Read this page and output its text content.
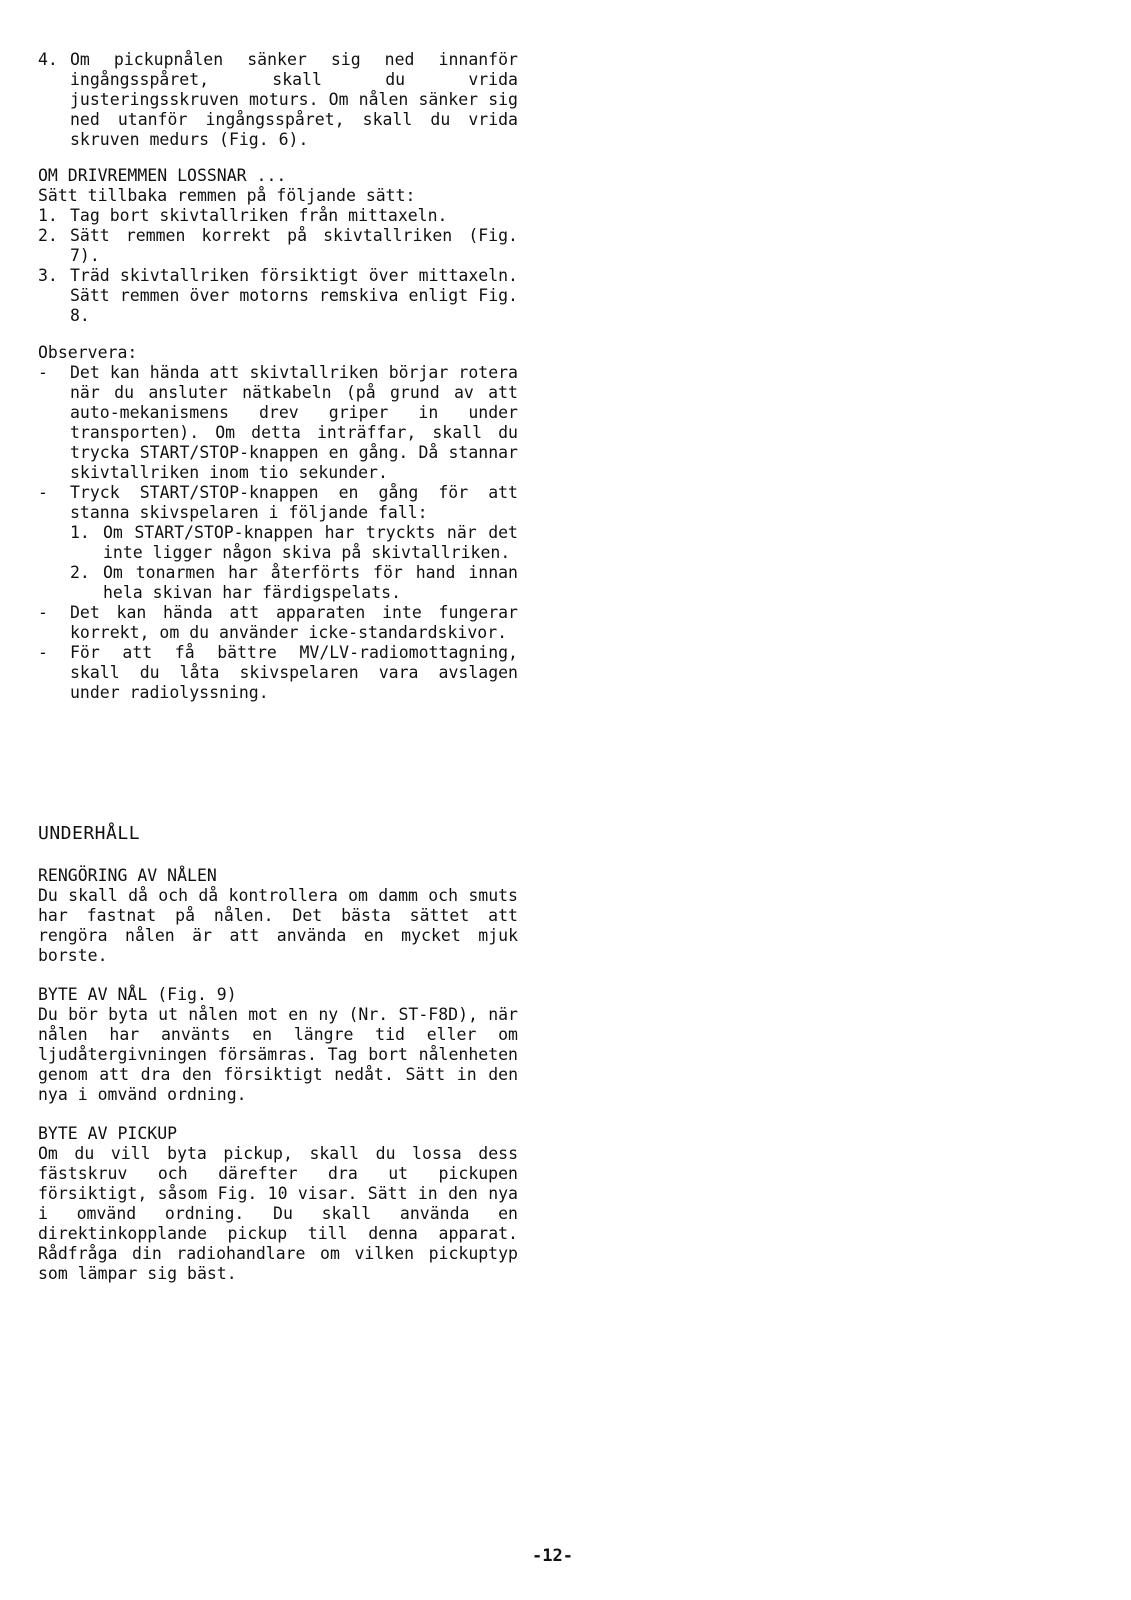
4. Om pickupnålen sänker sig ned innanför ingångsspåret, skall du vrida justeringsskruven moturs. Om nålen sänker sig ned utanför ingångsspåret, skall du vrida skruven medurs (Fig. 6).

OM DRIVREMMEN LOSSNAR ...

Sätt tillbaka remmen på följande sätt:

1. Tag bort skivtallriken från mittaxeln.
2. Sätt remmen korrekt på skivtallriken (Fig. 7).
3. Träd skivtallriken försiktigt över mittaxeln. Sätt remmen över motorns remskiva enligt Fig. 8.

Observera:

- Det kan hända att skivtallriken börjar rotera när du ansluter nätkabeln (på grund av att auto-mekanismens drev griper in under transporten). Om detta inträffar, skall du trycka START/STOP-knappen en gång. Då stannar skivtallriken inom tio sekunder.
- Tryck START/STOP-knappen en gång för att stanna skivspelaren i följande fall:
1. Om START/STOP-knappen har tryckts när det inte ligger någon skiva på skivtallriken.
2. Om tonarmen har återförts för hand innan hela skivan har färdigspelats.
- Det kan hända att apparaten inte fungerar korrekt, om du använder icke-standardskivor.
- För att få bättre MV/LV-radiomottagning, skall du låta skivspelaren vara avslagen under radiolyssning.
UNDERHÅLL

RENGÖRING AV NÅLEN

Du skall då och då kontrollera om damm och smuts har fastnat på nålen. Det bästa sättet att rengöra nålen är att använda en mycket mjuk borste.

BYTE AV NÅL (Fig. 9)

Du bör byta ut nålen mot en ny (Nr. ST-F8D), när nålen har använts en längre tid eller om ljudåtergivningen försämras. Tag bort nålenheten genom att dra den försiktigt nedåt. Sätt in den nya i omvänd ordning.

BYTE AV PICKUP

Om du vill byta pickup, skall du lossa dess fästskruv och därefter dra ut pickupen försiktigt, såsom Fig. 10 visar. Sätt in den nya i omvänd ordning. Du skall använda en direktinkopplande pickup till denna apparat. Rådfråga din radiohandlare om vilken pickuptyp som lämpar sig bäst.

-12-
